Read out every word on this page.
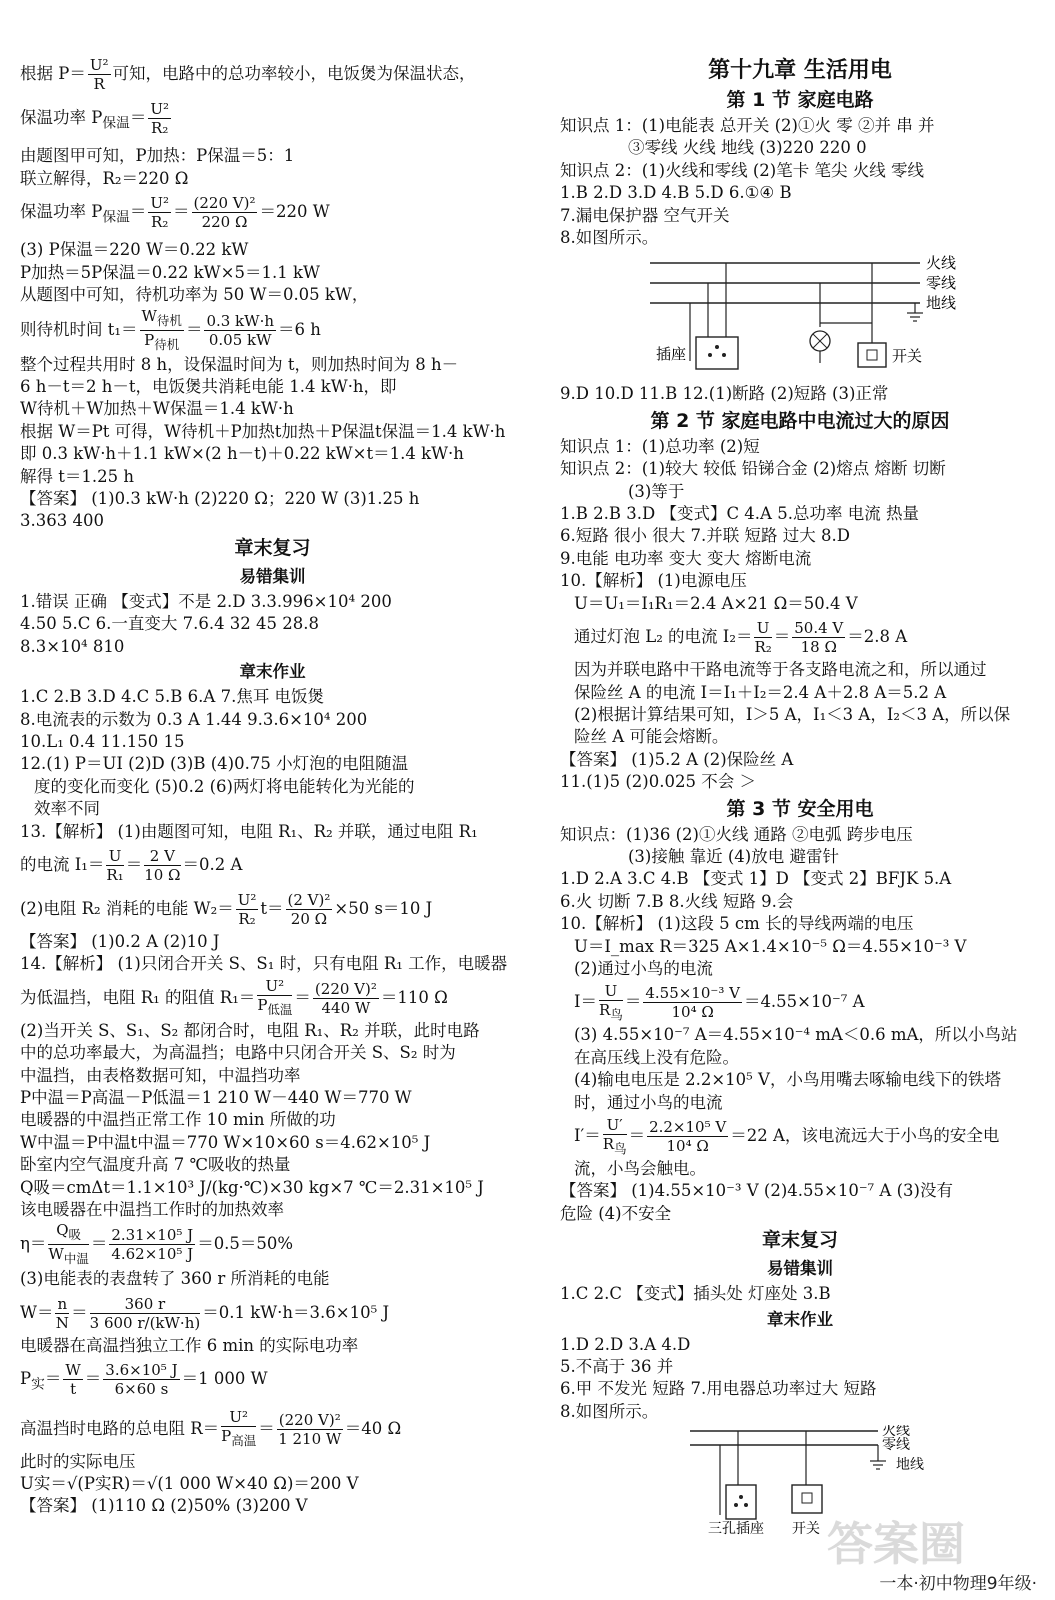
根据 $P= \frac{\text{U²}}{R}$ 可知，电路中的总功率较小，电饭煲为保温状态，
保温功率 $P_{保温}= \frac{\text{U²}}{\text{R₂}}$
由题图甲可知，P加热：P保温＝5：1
联立解得，R₂＝220 Ω
保温功率 $P_{保温}= \frac{\text{U²}}{\text{R₂}} = \frac{\text{(220 V)²}}{220 \Omega} =220$ W
(3) P保温＝220 W＝0.22 kW
P加热＝5P保温＝0.22 kW×5＝1.1 kW
从题图中可知，待机功率为 50 W＝0.05 kW，
则待机时间 t₁＝
$W_{待机}$
$P_{待机}$
＝ $\frac{0.3 kW\cdot h}{0.05 kW} =6$ h
整个过程共用时 8 h，设保温时间为 t，则加热时间为 8 h－
6 h－t＝2 h－t，电饭煲共消耗电能 1.4 kW·h，即
W待机＋W加热＋W保温＝1.4 kW·h
根据 W＝Pt 可得，W待机＋P加热t加热＋P保温t保温＝1.4 kW·h
即 0.3 kW·h＋1.1 kW×(2 h－t)＋0.22 kW×t＝1.4 kW·h
解得 t＝1.25 h
【答案】 (1)0.3 kW·h (2)220 Ω；220 W (3)1.25 h
3.363 400
章末复习
易错集训
1.错误 正确 【变式】不是 2.D 3.3.996×10⁴ 200
4.50 5.C 6.一直变大 7.6.4 32 45 28.8
8.3×10⁴ 810
章末作业
1.C 2.B 3.D 4.C 5.B 6.A 7.焦耳 电饭煲
8.电流表的示数为 0.3 A 1.44 9.3.6×10⁴ 200
10.L₁ 0.4 11.150 15
12.(1) P＝UI (2)D (3)B (4)0.75 小灯泡的电阻随温
度的变化而变化 (5)0.2 (6)两灯将电能转化为光能的
效率不同
13.【解析】 (1)由题图可知，电阻 R₁、R₂ 并联，通过电阻 R₁
的电流 $I_1= \frac{U}{\text{R₁}} = \frac{2 V}{10 \Omega} =0.2$ A
(2)电阻 R₂ 消耗的电能 $W_2= \frac{\text{U²}}{\text{R₂}} t= \frac{\text{(2 V)²}}{20 \Omega} \times 50$ s＝10 J
【答案】 (1)0.2 A (2)10 J
14.【解析】 (1)只闭合开关 S、S₁ 时，只有电阻 R₁ 工作，电暖器
为低温挡，电阻 R₁ 的阻值 R₁＝
U²
$P_{低温}$
＝ $\frac{\text{(220 V)²}}{440 W} =110$ Ω
(2)当开关 S、S₁、S₂ 都闭合时，电阻 R₁、R₂ 并联，此时电路
中的总功率最大，为高温挡；电路中只闭合开关 S、S₂ 时为
中温挡，由表格数据可知，中温挡功率
P中温＝P高温－P低温＝1 210 W－440 W＝770 W
电暖器的中温挡正常工作 10 min 所做的功
W中温＝P中温t中温＝770 W×10×60 s＝4.62×10⁵ J
卧室内空气温度升高 7 ℃吸收的热量
Q吸＝cmΔt＝1.1×10³ J/(kg·℃)×30 kg×7 ℃＝2.31×10⁵ J
该电暖器在中温挡工作时的加热效率
η＝
$Q_吸$
$W_{中温}$
＝ $\frac{\text{2.31×10⁵ J}}{\text{4.62×10⁵ J}} =0.5=50\%$
(3)电能表的表盘转了 360 r 所消耗的电能
$W= \frac{n}{N} = \frac{360 r}{3 600 r/(kW\cdot h)} =0.1$ kW·h＝3.6×10⁵ J
电暖器在高温挡独立工作 6 min 的实际电功率
$P_实= \frac{W}{t} = \frac{\text{3.6×10⁵ J}}{6\times 60 s} =1$ 000 W
高温挡时电路的总电阻 R＝
U²
$P_{高温}$
＝ $\frac{\text{(220 V)²}}{1 210 W} =40$ Ω
此时的实际电压
U实＝√(P实R)＝√(1 000 W×40 Ω)＝200 V
【答案】 (1)110 Ω (2)50% (3)200 V
第十九章 生活用电
第 1 节 家庭电路
知识点 1：(1)电能表 总开关 (2)①火 零 ②并 串 并
③零线 火线 地线 (3)220 220 0
知识点 2：(1)火线和零线 (2)笔卡 笔尖 火线 零线
1.B 2.D 3.D 4.B 5.D 6.①④ B
7.漏电保护器 空气开关
8.如图所示。
火线
零线
地线
插座	开关
9.D 10.D 11.B 12.(1)断路 (2)短路 (3)正常
第 2 节 家庭电路中电流过大的原因
知识点 1：(1)总功率 (2)短
知识点 2：(1)较大 较低 铅锑合金 (2)熔点 熔断 切断
(3)等于
1.B 2.B 3.D 【变式】C 4.A 5.总功率 电流 热量
6.短路 很小 很大 7.并联 短路 过大 8.D
9.电能 电功率 变大 变大 熔断电流
10.【解析】 (1)电源电压
U＝U₁＝I₁R₁＝2.4 A×21 Ω＝50.4 V
通过灯泡 L₂ 的电流 $I_2= \frac{U}{\text{R₂}} = \frac{50.4 V}{18 \Omega} =2.8$ A
因为并联电路中干路电流等于各支路电流之和，所以通过
保险丝 A 的电流 I＝I₁＋I₂＝2.4 A＋2.8 A＝5.2 A
(2)根据计算结果可知，I＞5 A，I₁＜3 A，I₂＜3 A，所以保
险丝 A 可能会熔断。
【答案】 (1)5.2 A (2)保险丝 A
11.(1)5 (2)0.025 不会 ＞
第 3 节 安全用电
知识点：(1)36 (2)①火线 通路 ②电弧 跨步电压
(3)接触 靠近 (4)放电 避雷针
1.D 2.A 3.C 4.B 【变式 1】D 【变式 2】BFJK 5.A
6.火 切断 7.B 8.火线 短路 9.会
10.【解析】 (1)这段 5 cm 长的导线两端的电压
U＝I_max R＝325 A×1.4×10⁻⁵ Ω＝4.55×10⁻³ V
(2)通过小鸟的电流
I＝
U
$R_鸟$
＝ $\frac{\text{4.55×10⁻³ V}}{\text{10⁴ Ω}} =4.55\times 10^{-7}$ A
(3) 4.55×10⁻⁷ A＝4.55×10⁻⁴ mA＜0.6 mA，所以小鸟站
在高压线上没有危险。
(4)输电电压是 2.2×10⁵ V，小鸟用嘴去啄输电线下的铁塔
时，通过小鸟的电流
I′＝
U′
$R_鸟$
＝ $\frac{\text{2.2×10⁵ V}}{\text{10⁴ Ω}} =22$ A，该电流远大于小鸟的安全电
流，小鸟会触电。
【答案】 (1)4.55×10⁻³ V (2)4.55×10⁻⁷ A (3)没有
危险 (4)不安全
章末复习
易错集训
1.C 2.C 【变式】插头处 灯座处 3.B
章末作业
1.D 2.D 3.A 4.D
5.不高于 36 并
6.甲 不发光 短路 7.用电器总功率过大 短路
8.如图所示。
火线
零线
地线
三孔插座 开关 答案圈
一本·初中物理9年级·
